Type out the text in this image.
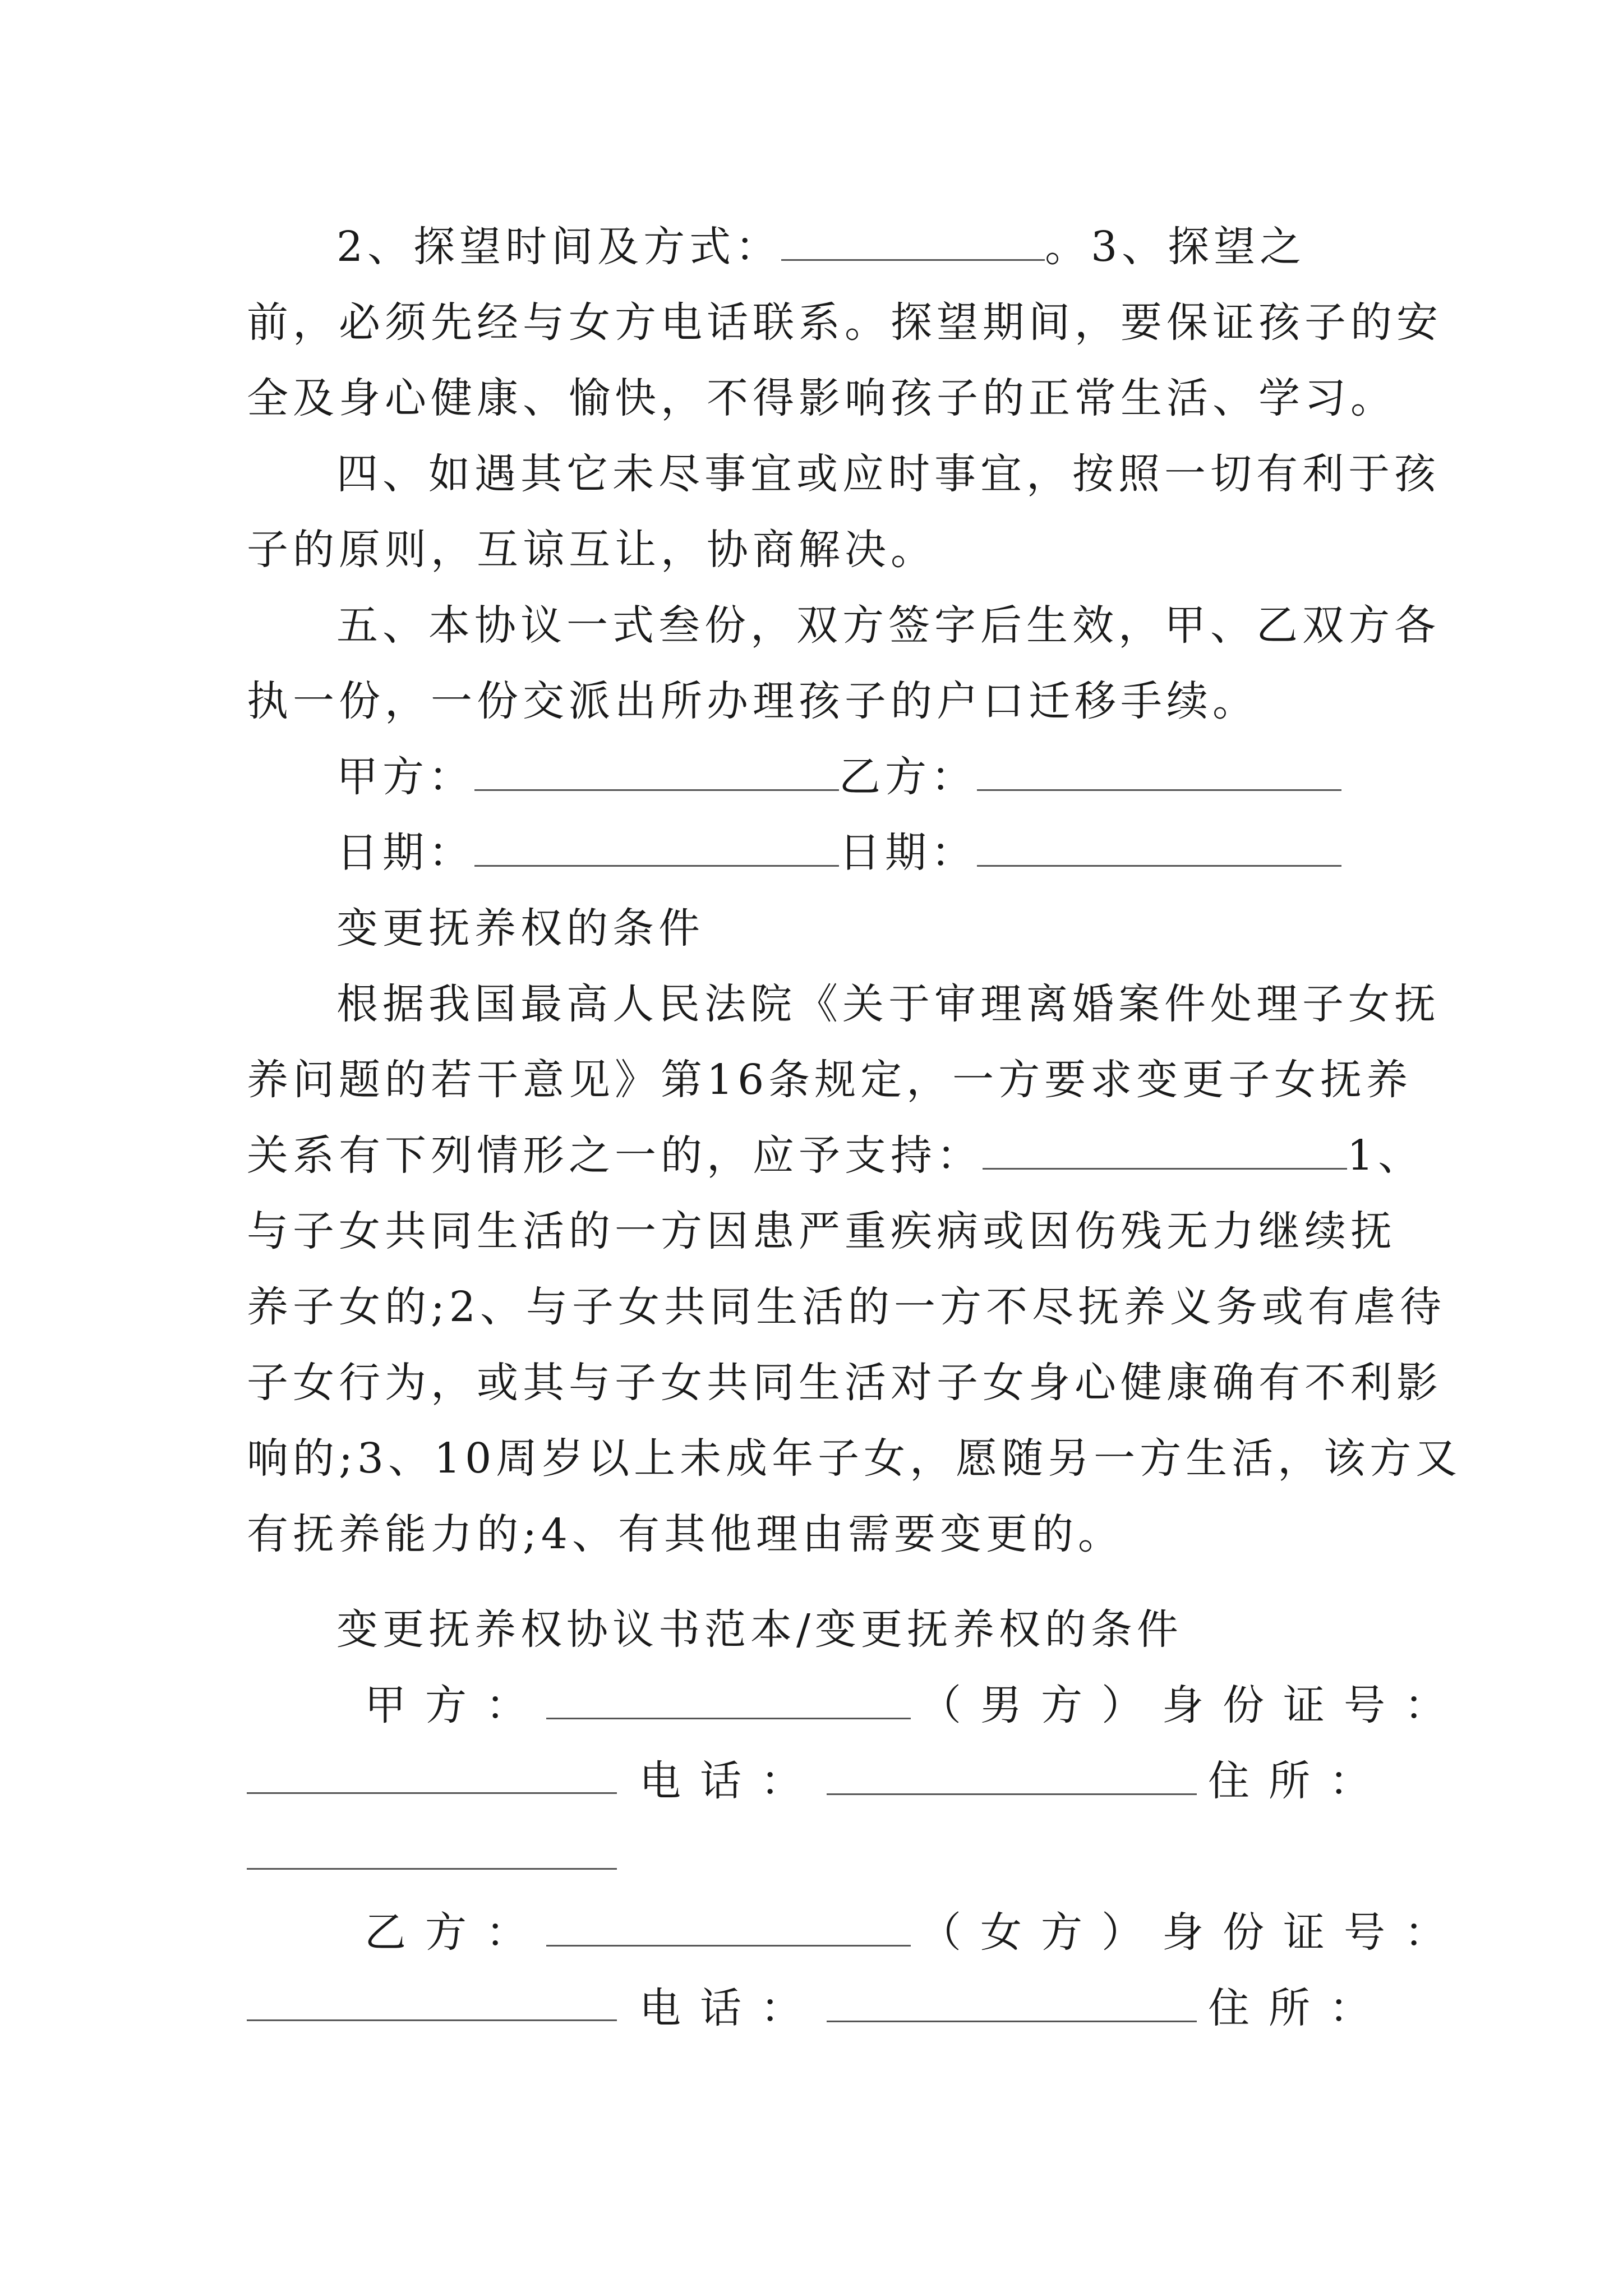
2、探望时间及方式：	。3、探望之
前，必须先经与女方电话联系。探望期间，要保证孩子的安
全及身心健康、愉快，不得影响孩子的正常生活、学习。
四、如遇其它未尽事宜或应时事宜，按照一切有利于孩
子的原则，互谅互让，协商解决。
五、本协议一式叁份，双方签字后生效，甲、乙双方各
执一份，一份交派出所办理孩子的户口迁移手续。
甲方：	乙方：
日期：	日期：
变更抚养权的条件
根据我国最高人民法院《关于审理离婚案件处理子女抚
养问题的若干意见》第16条规定，一方要求变更子女抚养
关系有下列情形之一的，应予支持：	1、
与子女共同生活的一方因患严重疾病或因伤残无力继续抚
养子女的;2、与子女共同生活的一方不尽抚养义务或有虐待
子女行为，或其与子女共同生活对子女身心健康确有不利影
响的;3、10周岁以上未成年子女，愿随另一方生活，该方又
有抚养能力的;4、有其他理由需要变更的。
变更抚养权协议书范本/变更抚养权的条件
甲方：	（男方）身份证号：
电话：	住所：
乙方：	（女方）身份证号：
电话：	住所：
